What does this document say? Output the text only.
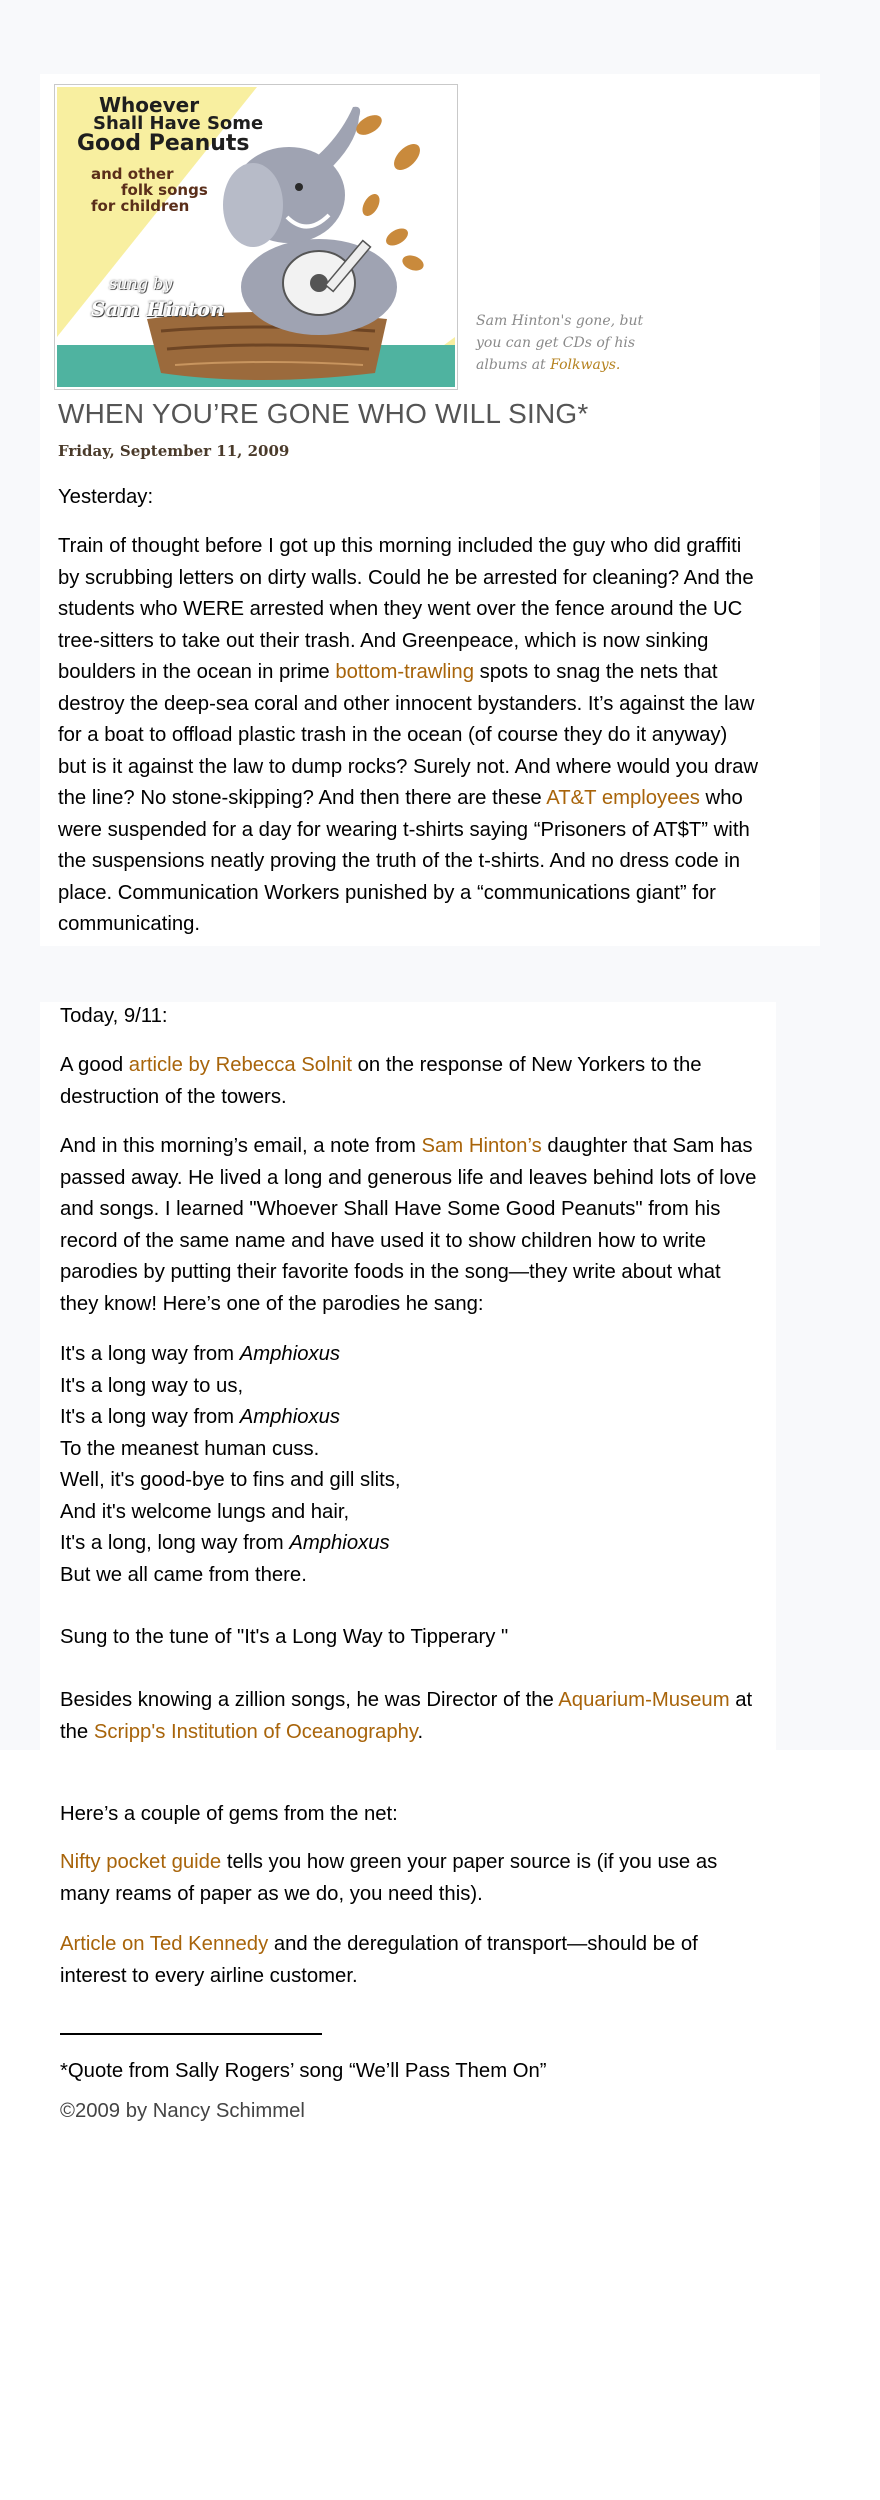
Whoever
Shall Have Some
Good Peanuts
and other
folk songs
for children
sung by
Sam Hinton	Sam Hinton's gone, but you can get CDs of his albums at Folkways.
WHEN YOU’RE GONE WHO WILL SING*
Friday, September 11, 2009

Yesterday:

Train of thought before I got up this morning included the guy who did graffiti by scrubbing letters on dirty walls. Could he be arrested for cleaning? And the students who WERE arrested when they went over the fence around the UC tree-sitters to take out their trash. And Greenpeace, which is now sinking boulders in the ocean in prime bottom-trawling spots to snag the nets that destroy the deep-sea coral and other innocent bystanders. It’s against the law for a boat to offload plastic trash in the ocean (of course they do it anyway) but is it against the law to dump rocks? Surely not. And where would you draw the line? No stone-skipping? And then there are these AT&T employees who were suspended for a day for wearing t-shirts saying “Prisoners of AT$T” with the suspensions neatly proving the truth of the t-shirts. And no dress code in place. Communication Workers punished by a “communications giant” for communicating.

Today, 9/11:

A good article by Rebecca Solnit on the response of New Yorkers to the destruction of the towers.

And in this morning’s email, a note from Sam Hinton’s daughter that Sam has passed away. He lived a long and generous life and leaves behind lots of love and songs. I learned "Whoever Shall Have Some Good Peanuts" from his record of the same name and have used it to show children how to write parodies by putting their favorite foods in the song—they write about what they know! Here’s one of the parodies he sang:

It's a long way from Amphioxus
It's a long way to us,
It's a long way from Amphioxus
To the meanest human cuss.
Well, it's good-bye to fins and gill slits,
And it's welcome lungs and hair,
It's a long, long way from Amphioxus
But we all came from there.

Sung to the tune of "It's a Long Way to Tipperary "

Besides knowing a zillion songs, he was Director of the Aquarium-Museum at the Scripp's Institution of Oceanography.

Here’s a couple of gems from the net:

Nifty pocket guide tells you how green your paper source is (if you use as many reams of paper as we do, you need this).

Article on Ted Kennedy and the deregulation of transport—should be of interest to every airline customer.

*Quote from Sally Rogers’ song “We’ll Pass Them On”

©2009 by Nancy Schimmel
